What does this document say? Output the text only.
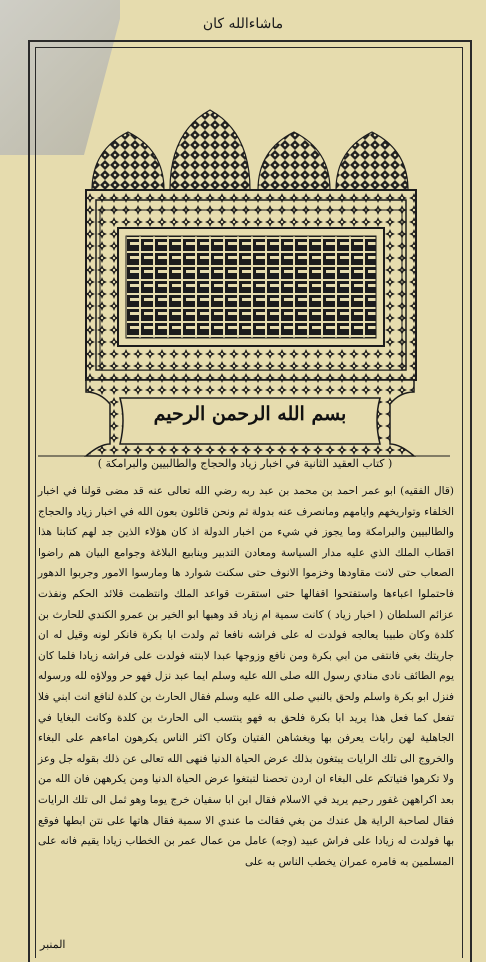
ماشاءالله كان
بسم الله الرحمن الرحيم
( كتاب العقيد الثانية في اخبار زياد والحجاج والطالبيين والبرامكة )
(قال الفقيه) ابو عمر احمد بن محمد بن عبد ربه رضي الله تعالى عنه قد مضى قولنا في اخبار الخلفاء وتواريخهم وايامهم ومانصرف عنه بدولة ثم ونحن قائلون بعون الله في اخبار زياد والحجاج والطالبيين والبرامكة وما يجوز في شيء من اخبار الدولة اذ كان هؤلاء الذين جد لهم كتابنا هذا اقطاب الملك الذي عليه مدار السياسة ومعادن التدبير وينابيع البلاغة وجوامع البيان هم راضوا الصعاب حتى لانت مقاودها وخزموا الانوف حتى سكنت شوارد ها ومارسوا الامور وجربوا الدهور فاحتملوا اعباءها واستفتحوا اقفالها حتى استقرت قواعد الملك وانتظمت قلائد الحكم ونفذت عزائم السلطان ( اخبار زياد ) كانت سمية ام زياد قد وهبها ابو الخير بن عمرو الكندي للحارث بن كلدة وكان طبيبا يعالجه فولدت له على فراشه نافعا ثم ولدت ابا بكرة فانكر لونه وقيل له ان جاريتك بغي فانتفى من ابي بكرة ومن نافع وزوجها عبدا لابنته فولدت على فراشه زيادا فلما كان يوم الطائف نادى منادي رسول الله صلى الله عليه وسلم ايما عبد نزل فهو حر وولاؤه لله ورسوله فنزل ابو بكرة واسلم ولحق بالنبي صلى الله عليه وسلم فقال الحارث بن كلدة لنافع انت ابني فلا تفعل كما فعل هذا يريد ابا بكرة فلحق به فهو ينتسب الى الحارث بن كلدة وكانت البغايا في الجاهلية لهن رايات يعرفن بها ويغشاهن الفتيان وكان اكثر الناس يكرهون اماءهم على البغاء والخروج الى تلك الرايات يبتغون بذلك عرض الحياة الدنيا فنهى الله تعالى عن ذلك بقوله جل وعز ولا تكرهوا فتياتكم على البغاء ان اردن تحصنا لتبتغوا عرض الحياة الدنيا ومن يكرههن فان الله من بعد اكراههن غفور رحيم يريد في الاسلام فقال ابن ابا سفيان خرج يوما وهو ثمل الى تلك الرايات فقال لصاحبة الراية هل عندك من بغي فقالت ما عندي الا سمية فقال هاتها على نتن ابطها فوقع بها فولدت له زيادا على فراش عبيد (وجه) عامل من عمال عمر بن الخطاب زيادا يقيم فانه على المسلمين به فامره عمران يخطب الناس به على
المنبر
